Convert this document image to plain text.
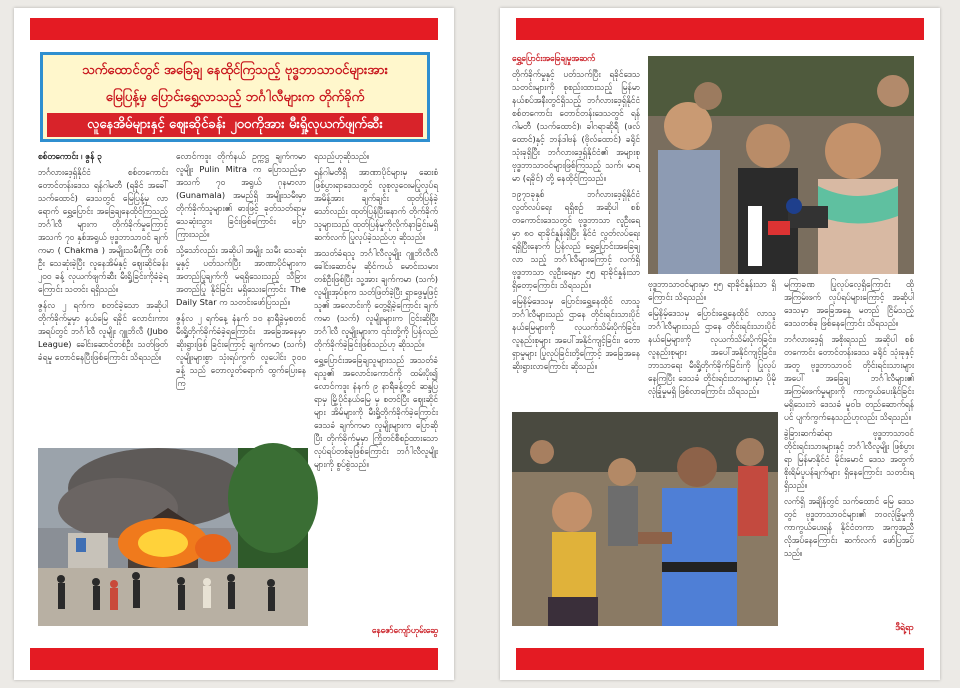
သက်ထောင်တွင် အခြေချ နေထိုင်ကြသည့် ဗုဒ္ဓဘာသာဝင်များအား
မြေပြန့်မှ ပြောင်းရွှေ့လာသည့် ဘင်္ဂါလီများက တိုက်ခိုက်
လူနေအိမ်များနှင့် ဈေးဆိုင်ခန်း ၂၀၀ကိုအား မီးရှို့လုယက်ဖျက်ဆီး

စစ်တကောင်း ၊ ဇွန် ၃

ဘင်္ဂလားဒေ့ရှ်နိုင်ငံ စစ်တကောင်း တောင်တန်းဒေသ ရန်ဂါမတီ (ရခိုင် အခေါ် သက်ထောင်) ဒေသတွင် မြေပြန့်မှ လာရောက် ရွှေ့ပြောင်း အခြေချနေထိုင်ကြသည့် ဘင်္ဂါလီ များက တိုက်ခိုက်မှုကြောင့် အသက် ၇၀ နှစ်အရွယ် ဗုဒ္ဓဘာသာဝင် ချက်ကမာ ( Chakma ) အမျိုးသမီးကြီး တစ်ဦး သေဆုံးခဲ့ပြီး လူနေအိမ်နှင့် ဈေးဆိုင်ခန်း ၂၀၀ ခန့် လုယက်ဖျက်ဆီး မီးရှို့ခြင်းကိုခံခဲ့ရကြောင်း သတင်း ရရှိသည်။

ဇွန်လ ၂ ရက်က စတင်ခဲ့သော အဆိုပါ တိုက်ခိုက်မှုမှာ နယ်မြေ ရခိုင် လောင်းကားအရပ်တွင် ဘင်္ဂါလီ လူမျိုး ဂျူဘိလီ (Jubo League) ခေါင်းဆောင်တစ်ဦး သတ်ဖြတ်ခံရမှု တောင်နေပြီးဖြစ်ကြောင်း သိရသည်။

လောင်ကဒူး တိုက်နယ် ဥက္ကဋ္ဌ ချက်ကမာလူမျိုး Pulin Mitra က ပြောသည်မှာ အသက် ၇၀ အရွယ် ဂုနမာလာ (Gunamala) အမည်ရှိ အမျိုးသမီးမှာ တိုက်ခိုက်သူများ၏ ဓားဖြင့် ခုတ်သတ်ရာမှ သေဆုံးသွား ခြင်းဖြစ်ကြောင်း ပြောကြားသည်။

သို့သော်လည်း အဆိုပါ အမျိုး သမီး သေဆုံးမှုနှင့် ပတ်သက်ပြီး အာဏာပိုင်များက အတည်ပြုချက်ကို မရရှိသေးသည့် သီခြားအတည်ပြု နိုင်ခြင်း မရှိသေးကြောင်း The Daily Star က သတင်းဖော်ပြသည်။

ဇွန်လ ၂ ရက်နေ့ နံနက် ၁၀ နာရီခွဲမှစတင် မီးရှို့တိုက်ခိုက်ခံခဲ့ရကြောင်း အခြေအနေမှာ ဆိုးရွားဖြစ် ခြင်းကြောင့် ချက်ကမာ (သက်) လူမျိုးများစွာ သုံးရပ်ကွက် လူပေါင်း ၃၀၀ ခန့် သည် တောလှုတ်ရောက် ထွက်ပြေးနေကြ

ရသည်ဟုဆိုသည်။

ရန်ဂါမတီရှိ အာဏာပိုင်များမှ ဆေးစံ ဖြစ်ပွားရာဒေသတွင် လူစုလူဝေးမပြုလုပ်ရအမိန့်အား ချက်ချင်း ထုတ်ပြန်ခဲ့သော်လည်း ထုတ်ပြန်ပြီးနောက် တိုက်ခိုက်သူများသည် ထုတ်ပြန်မှုကိုလိုက်နာခြင်းမရှိ ဆက်လက် ပြုလုပ်ခဲ့သည်ဟု ဆိုသည်။

အသတ်ခံရသူ ဘင်္ဂါလီလူမျိုး ဂျူဘိလီလီ ခေါင်းဆောင်မှ ဆိုင်ကယ် မောင်းသမားတစ်ဦးဖြစ်ပြီး သူ့အား ချက်ကမာ (သက်) လူမျိုးအုပ်စုက သတ်ဖြတ်ခဲ့ပြီး ရှာဖွေမှုဖြင့် သူ၏ အလောင်းကို တွေ့ရှိခဲ့ကြောင်း ချက်ကမာ (သက်) လူမျိုးများက ငြင်းဆိုပြီး ဘင်္ဂါလီ လူမျိုးများက ၎င်းတို့ကို ပြန်လည်တိုက်ခိုက်ခဲ့ခြင်းဖြစ်သည်ဟု ဆိုသည်။

ရွှေ့ပြောင်းအခြေချသူများသည် အသတ်ခံရသူ၏ အလောင်းကောင်ကို ထမ်းပိုး၍ လောင်ကဒူး နံနက် ၉ နာရီခန့်တွင် ဆန္ဒပြရာမှ မြို့ပိုင်နယ်မြေ မှ စတင်ပြီး ဈေးဆိုင်များ အိမ်များကို မီးရှို့တိုက်ခိုက်ခဲ့ကြောင်း ဒေသခံ ချက်ကမာ လူမျိုးများက ပြောဆိုပြီး တိုက်ခိုက်မှုမှာ ကြိုတင်စီစဉ်ထားသော လုပ်ရပ်တစ်ခုဖြစ်ကြောင်း ဘင်္ဂါလီလူမျိုးများကို စွပ်စွဲသည်။

နေဇော်ကျော်ဟုမ်းဆွေ

ရွှေ့ပြောင်းအခြေချမှုအဆက်

တိုက်ခိုက်မှုနှင့် ပတ်သက်ပြီး ရခိုင်ဒေသ သတင်းများကို စုစည်းထားသည့် မြန်မာနယ်စပ်အနီးတွင်ရှိသည့် ဘင်္ဂလားဒေ့ရှ်နိုင်ငံ စစ်တကောင်း တောင်တန်းဒေသတွင် ရန်ဂါမတီ (သက်ထောင်)၊ ခါဂရာဆိုရီ (ဖလ်ထောင်)နှင့် ဘန်ဒါဗန် (ဗိုလ်ထောင်) ခရိုင်သုံးခုရှိပြီး ဘင်္ဂလားဒေ့ရှ်နိုင်ငံ၏ အများစုဗုဒ္ဓဘာသာဝင်များဖြစ်ကြသည့် သက်၊ မာရမာ (ရခိုင်) တို့ နေထိုင်ကြသည်။

၁၉၇၁ခုနှစ် ဘင်္ဂလားဒေ့ရှ်နိုင်ငံ လွတ်လပ်ရေး ရရှိစဉ် အဆိုပါ စစ်တကောင်းဒေသတွင် ဗုဒ္ဓဘာသာ လူဦးရေမှာ ၈၀ ရာခိုင်နှုန်းရှိပြီး နိုင်ငံ လွတ်လပ်ရေးရရှိပြီးနောက် ပြန်လည် ရွှေ့ပြောင်းအခြေချလာ သည့် ဘင်္ဂါလီများကြောင့် လက်ရှိ ဗုဒ္ဓဘာသာ လူဦးရေမှာ ၅၅ ရာခိုင်နှုန်းသာ ရှိတော့ကြောင်း သိရသည်။

မြေနိမ့်ဒေသမှ ပြောင်းရွှေ့နေထိုင် လာသူ ဘင်္ဂါလီများသည် ဌာနေ တိုင်းရင်းသားပိုင် နယ်မြေများကို လုယက်သိမ်းပိုက်ခြင်း၊ လူနည်းစုများ အပေါ်အနိုင်ကျင့်ခြင်း၊ တောရှာမှုများ ပြုလုပ်ခြင်းတို့ကြောင့် အခြေအနေ ဆိုးရွားလာကြောင်း ဆိုသည်။

ဗုဒ္ဓဘာသာဝင်များမှာ ၅၅ ရာခိုင်နှုန်းသာ ရှိကြောင်း သိရသည်။

မြေနိမ့်ဒေသမှ ပြောင်းရွှေ့နေထိုင် လာသူ ဘင်္ဂါလီများသည် ဌာနေ တိုင်းရင်းသားပိုင် နယ်မြေများကို လုယက်သိမ်းပိုက်ခြင်း၊ လူနည်းစုများ အပေါ်အနိုင်ကျင့်ခြင်း၊ ဘာသာရေး မီးရှို့တိုက်ခိုက်ခြင်းကို ပြုလုပ်နေကြပြီး ဒေသခံ တိုင်းရင်းသားများမှာ ပိုမိုလုံခြုံမှုမရှိ ဖြစ်လာကြောင်း သိရသည်။

မကြာခဏ ပြုလုပ်လေ့ရှိကြောင်း ထို အကြမ်းဖက် လုပ်ရပ်များကြောင့် အဆိုပါဒေသမှာ အခြေအနေ မတည် ငြိမ်သည့် ဒေသတစ်ခု ဖြစ်နေကြောင်း သိရသည်။

ဘင်္ဂလားဒေ့ရှ် အစိုးရသည် အဆိုပါ စစ်တကောင်း တောင်တန်းဒေသ ခရိုင် သုံးခုနှင့် အတူ ဗုဒ္ဓဘာသာဝင် တိုင်းရင်းသားများ အပေါ် အခြေချ ဘင်္ဂါလီများ၏ အကြမ်းဖက်မှုများကို ကာကွယ်ပေးနိုင်ခြင်း မရှိသေးဘဲ ဒေသခံ မူဝါဒ တည်ဆောက်ရန်ပင် ပျက်ကွက်နေသည်ဟုလည်း သိရသည်။

ခွဲခြားဆက်ဆံရာ ဗုဒ္ဓဘာသာဝင် တိုင်းရင်းသားများနှင့် ဘင်္ဂါလီလူမျိုး ဖြစ်ပွားရာ မြန်မာနိုင်ငံ မိုင်းမောင် ဒေသ အတွက် စိုးရိမ်ပူပန်ချက်များ ရှိနေကြောင်း သတင်းရရှိသည်။

လက်ရှိ အချိန်တွင် သက်ထောင် မြေ ဒေသတွင် ဗုဒ္ဓဘာသာဝင်များ၏ ဘဝလုံခြုံမှုကို ကာကွယ်ပေးရန် နိုင်ငံတကာ အကူအညီလိုအပ်နေကြောင်း ဆက်လက် ဖော်ပြအပ်သည်။

ဒီရဲ့ရာ
